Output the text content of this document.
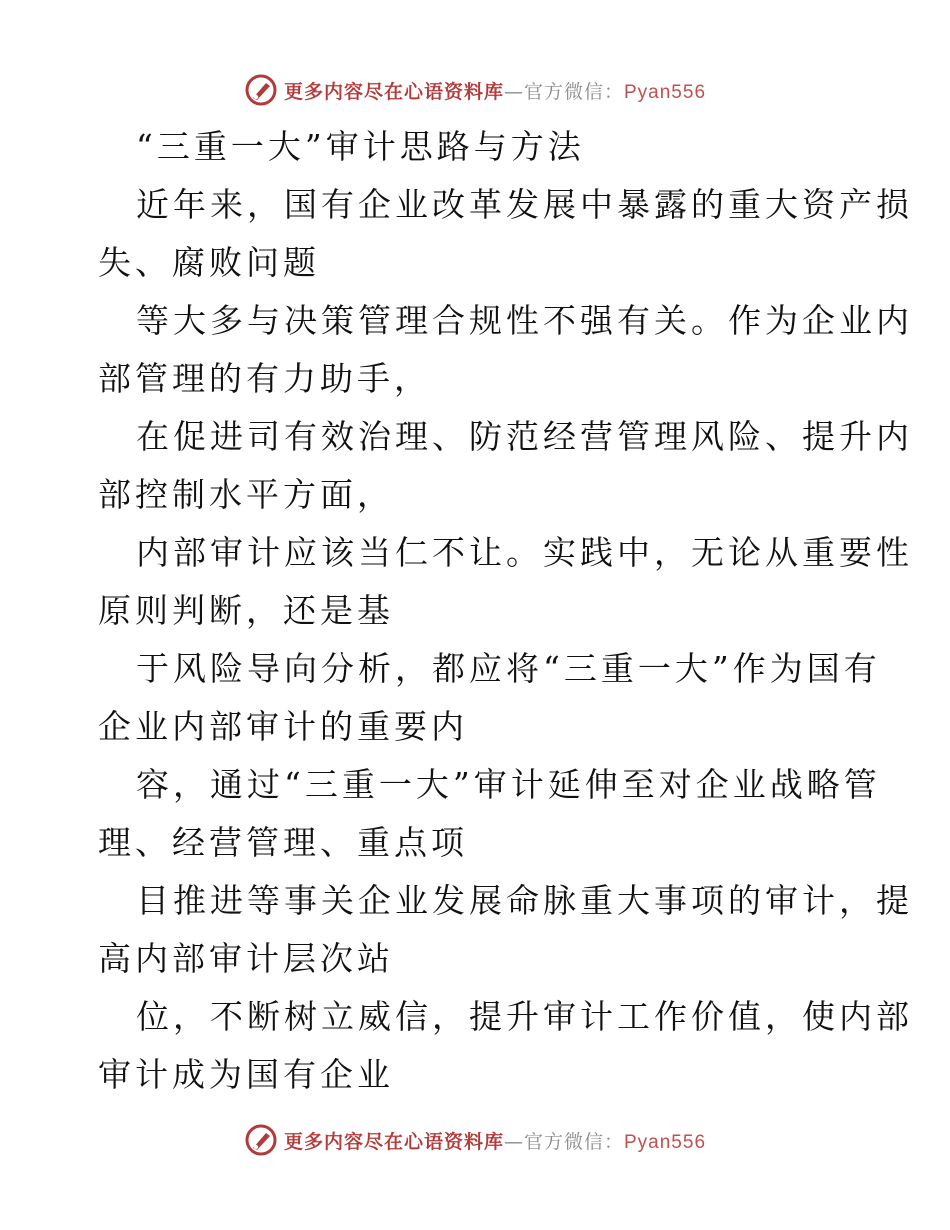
更多内容尽在心语资料库—官方微信：Pyan556
“三重一大”审计思路与方法

近年来，国有企业改革发展中暴露的重大资产损
失、腐败问题

等大多与决策管理合规性不强有关。作为企业内
部管理的有力助手，

在促进司有效治理、防范经营管理风险、提升内
部控制水平方面，

内部审计应该当仁不让。实践中，无论从重要性
原则判断，还是基

于风险导向分析，都应将“三重一大”作为国有
企业内部审计的重要内

容，通过“三重一大”审计延伸至对企业战略管
理、经营管理、重点项

目推进等事关企业发展命脉重大事项的审计，提
高内部审计层次站

位，不断树立威信，提升审计工作价值，使内部
审计成为国有企业

更多内容尽在心语资料库—官方微信：Pyan556
